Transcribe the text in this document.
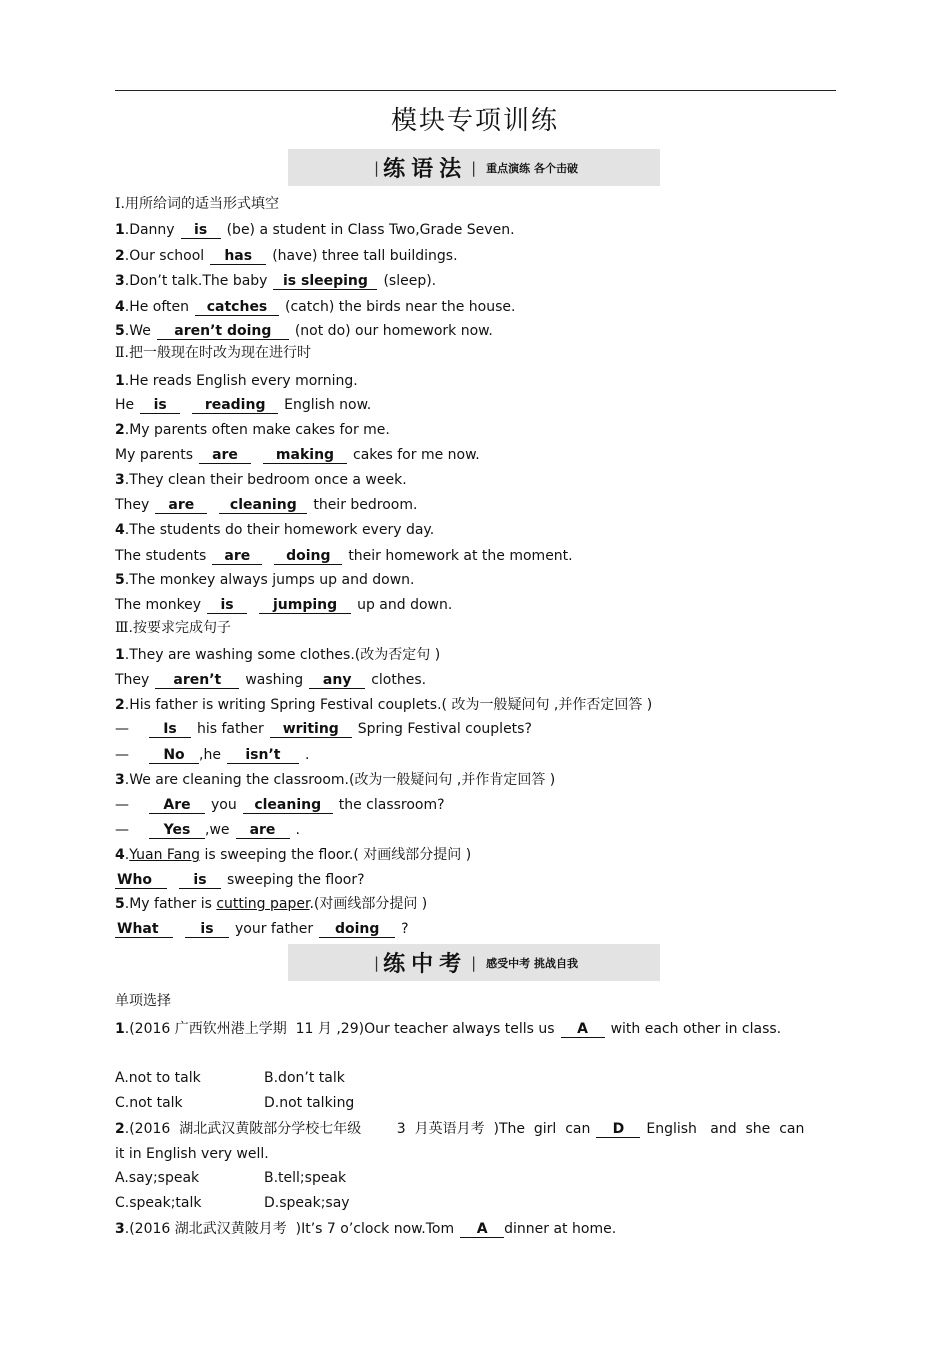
模块专项训练
| 练语法 | 重点演练 各个击破
Ⅰ.用所给词的适当形式填空
1.Danny is (be) a student in Class Two,Grade Seven.
2.Our school has (have) three tall buildings.
3.Don’t talk.The baby is sleeping (sleep).
4.He often catches (catch) the birds near the house.
5.We aren’t doing (not do) our homework now.
Ⅱ.把一般现在时改为现在进行时
1.He reads English every morning.
He is	reading English now.
2.My parents often make cakes for me.
My parents are	making cakes for me now.
3.They clean their bedroom once a week.
They are	cleaning their bedroom.
4.The students do their homework every day.
The students are	doing their homework at the moment.
5.The monkey always jumps up and down.
The monkey is	jumping up and down.
Ⅲ.按要求完成句子
1.They are washing some clothes.(改为否定句 )
They aren’t washing any clothes.
2.His father is writing Spring Festival couplets.( 改为一般疑问句 ,并作否定回答 )
— Is his father writing Spring Festival couplets?
— No ,he isn’t .
3.We are cleaning the classroom.(改为一般疑问句 ,并作肯定回答 )
— Are you cleaning the classroom?
— Yes ,we are .
4.Yuan Fang is sweeping the floor.( 对画线部分提问 )
Who	is sweeping the floor?
5.My father is cutting paper.(对画线部分提问 )
What	is your father doing ?
| 练中考 | 感受中考 挑战自我
单项选择
1.(2016 广西钦州港上学期  11 月 ,29)Our teacher always tells us A with each other in class.
A.not to talk	B.don’t talk
C.not talk	D.not talking
2.(2016  湖北武汉黄陂部分学校七年级        3  月英语月考  )The  girl  can D English   and  she  can
it in English very well.
A.say;speak	B.tell;speak
C.speak;talk	D.speak;say
3.(2016 湖北武汉黄陂月考  )It’s 7 o’clock now.Tom A dinner at home.
